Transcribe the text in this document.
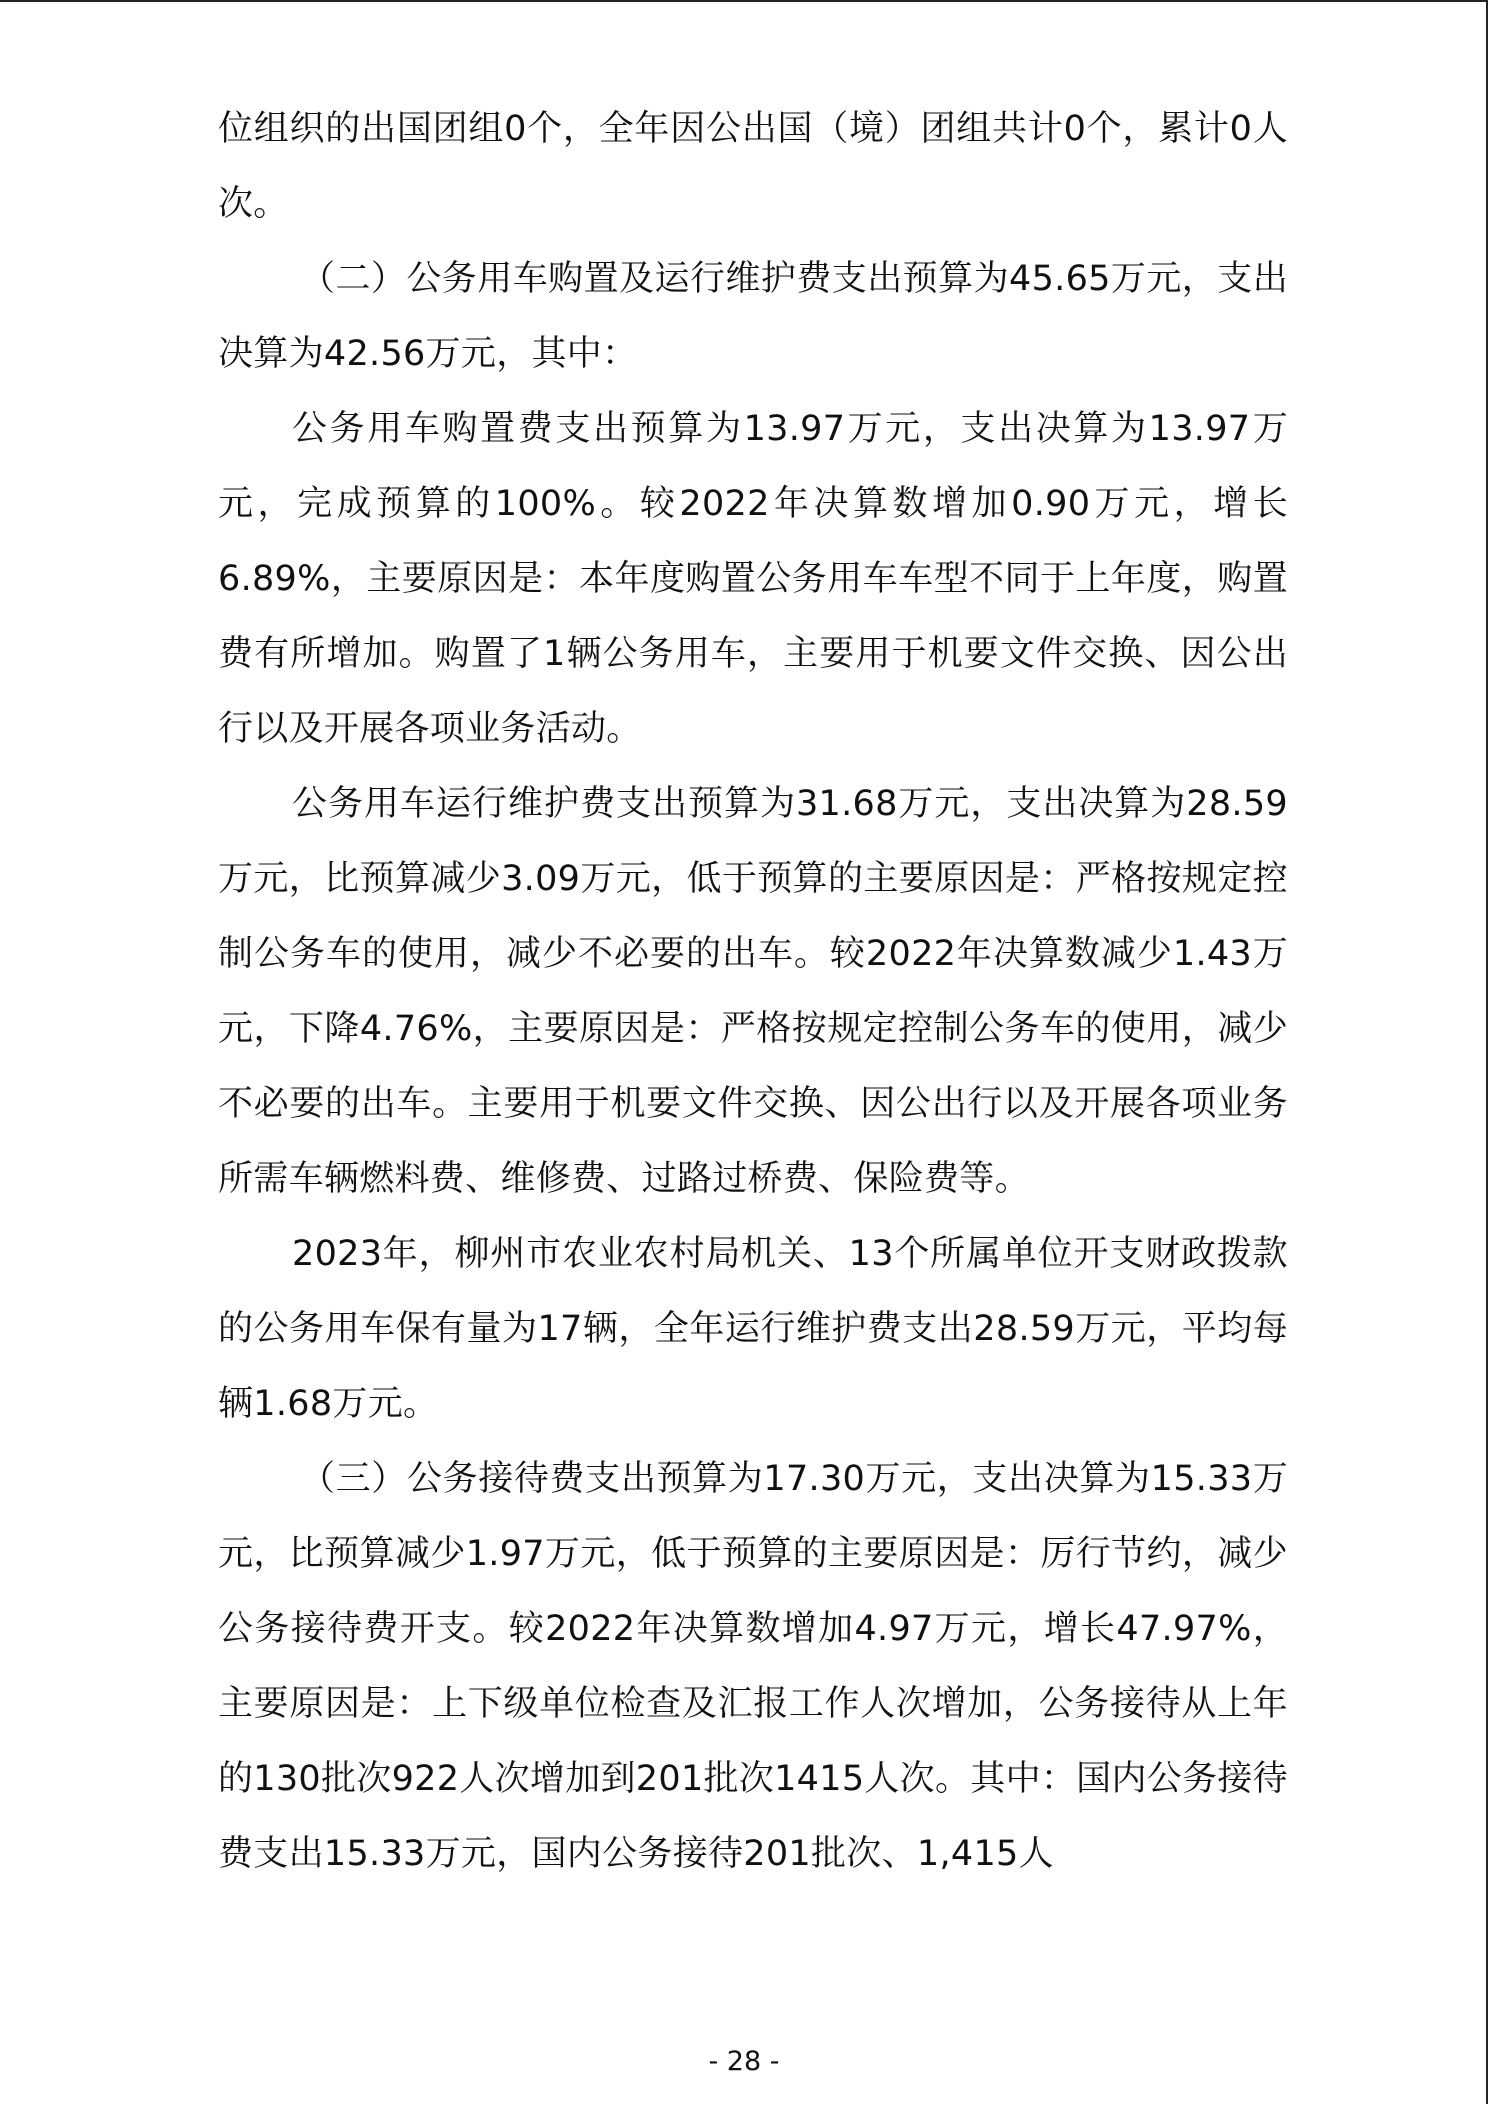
位组织的出国团组0个，全年因公出国（境）团组共计0个，累计0人次。

（二）公务用车购置及运行维护费支出预算为45.65万元，支出决算为42.56万元，其中：

公务用车购置费支出预算为13.97万元，支出决算为13.97万元，完成预算的100%。较2022年决算数增加0.90万元，增长6.89%，主要原因是：本年度购置公务用车车型不同于上年度，购置费有所增加。购置了1辆公务用车，主要用于机要文件交换、因公出行以及开展各项业务活动。

公务用车运行维护费支出预算为31.68万元，支出决算为28.59万元，比预算减少3.09万元，低于预算的主要原因是：严格按规定控制公务车的使用，减少不必要的出车。较2022年决算数减少1.43万元，下降4.76%，主要原因是：严格按规定控制公务车的使用，减少不必要的出车。主要用于机要文件交换、因公出行以及开展各项业务所需车辆燃料费、维修费、过路过桥费、保险费等。

2023年，柳州市农业农村局机关、13个所属单位开支财政拨款的公务用车保有量为17辆，全年运行维护费支出28.59万元，平均每辆1.68万元。

（三）公务接待费支出预算为17.30万元，支出决算为15.33万元，比预算减少1.97万元，低于预算的主要原因是：厉行节约，减少公务接待费开支。较2022年决算数增加4.97万元，增长47.97%，主要原因是：上下级单位检查及汇报工作人次增加，公务接待从上年的130批次922人次增加到201批次1415人次。其中：国内公务接待费支出15.33万元，国内公务接待201批次、1,415人

- 28 -
